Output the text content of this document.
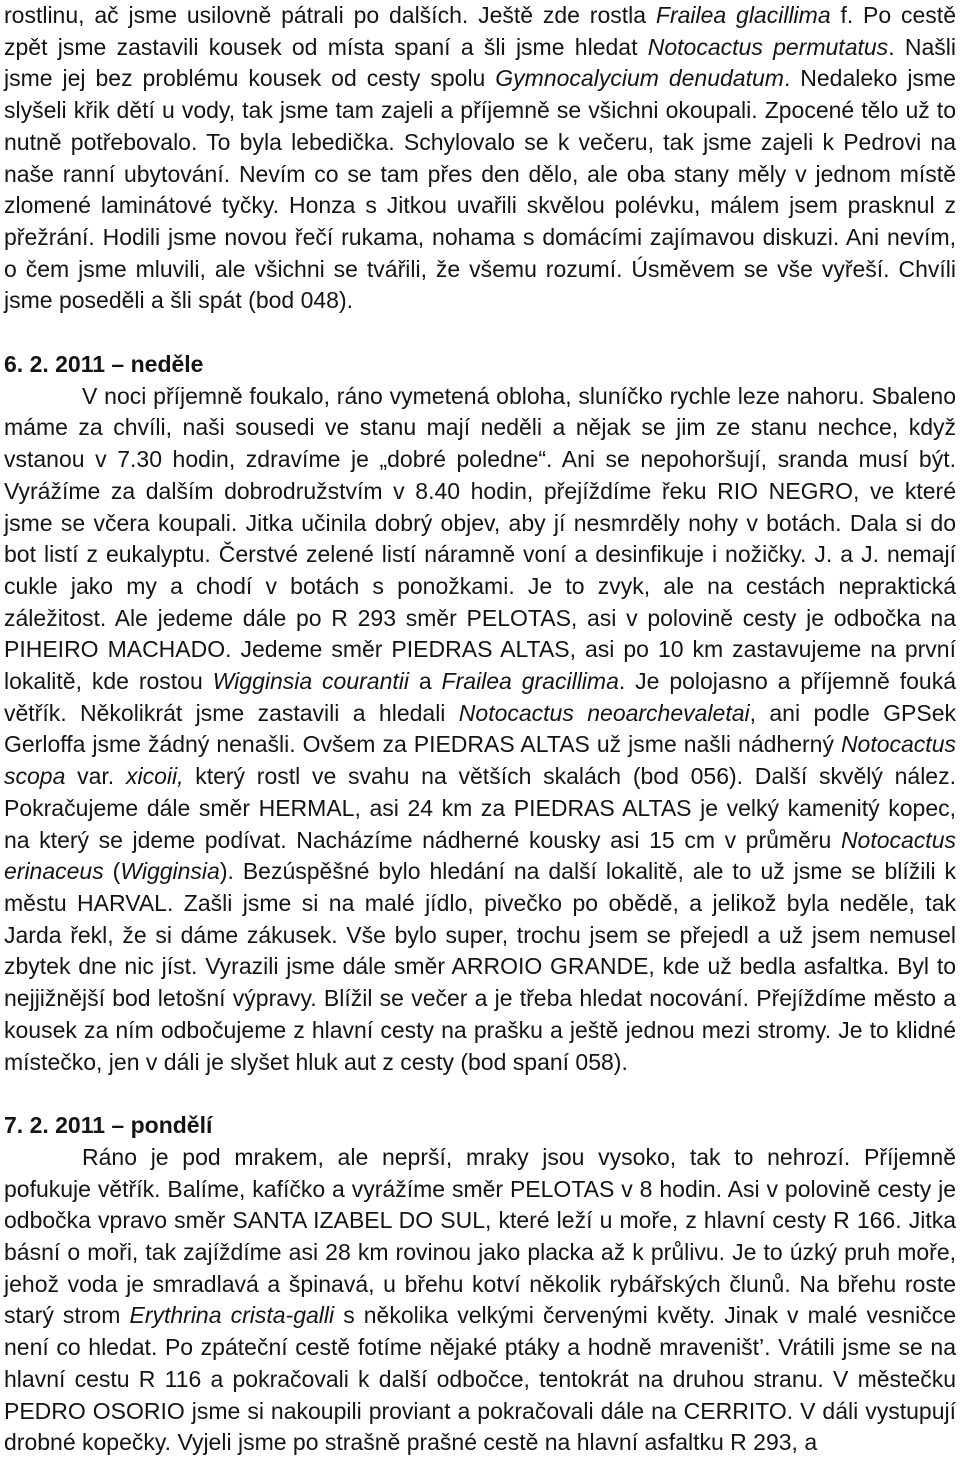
rostlinu, ač jsme usilovně pátrali po dalších. Ještě zde rostla Frailea glacillima f. Po cestě zpět jsme zastavili kousek od místa spaní a šli jsme hledat Notocactus permutatus. Našli jsme jej bez problému kousek od cesty spolu Gymnocalycium denudatum. Nedaleko jsme slyšeli křik dětí u vody, tak jsme tam zajeli a příjemně se všichni okoupali. Zpocené tělo už to nutně potřebovalo. To byla lebedička. Schylovalo se k večeru, tak jsme zajeli k Pedrovi na naše ranní ubytování. Nevím co se tam přes den dělo, ale oba stany měly v jednom místě zlomené laminátové tyčky. Honza s Jitkou uvařili skvělou polévku, málem jsem prasknul z přežrání. Hodili jsme novou řečí rukama, nohama s domácími zajímavou diskuzi. Ani nevím, o čem jsme mluvili, ale všichni se tvářili, že všemu rozumí. Úsměvem se vše vyřeší. Chvíli jsme poseděli a šli spát (bod 048).

6. 2. 2011 – neděle

V noci příjemně foukalo, ráno vymetená obloha, sluníčko rychle leze nahoru. Sbaleno máme za chvíli, naši sousedi ve stanu mají neděli a nějak se jim ze stanu nechce, když vstanou v 7.30 hodin, zdravíme je „dobré poledne“. Ani se nepohoršují, sranda musí být. Vyrážíme za dalším dobrodružstvím v 8.40 hodin, přejíždíme řeku RIO NEGRO, ve které jsme se včera koupali. Jitka učinila dobrý objev, aby jí nesmrděly nohy v botách. Dala si do bot listí z eukalyptu. Čerstvé zelené listí náramně voní a desinfikuje i nožičky. J. a J. nemají cukle jako my a chodí v botách s ponožkami. Je to zvyk, ale na cestách nepraktická záležitost. Ale jedeme dále po R 293 směr PELOTAS, asi v polovině cesty je odbočka na PIHEIRO MACHADO. Jedeme směr PIEDRAS ALTAS, asi po 10 km zastavujeme na první lokalitě, kde rostou Wigginsia courantii a Frailea gracillima. Je polojasno a příjemně fouká větřík. Několikrát jsme zastavili a hledali Notocactus neoarchevaletai, ani podle GPSek Gerloffa jsme žádný nenašli. Ovšem za PIEDRAS ALTAS už jsme našli nádherný Notocactus scopa var. xicoii, který rostl ve svahu na větších skalách (bod 056). Další skvělý nález. Pokračujeme dále směr HERMAL, asi 24 km za PIEDRAS ALTAS je velký kamenitý kopec, na který se jdeme podívat. Nacházíme nádherné kousky asi 15 cm v průměru Notocactus erinaceus (Wigginsia). Bezúspěšné bylo hledání na další lokalitě, ale to už jsme se blížili k městu HARVAL. Zašli jsme si na malé jídlo, pivečko po obědě, a jelikož byla neděle, tak Jarda řekl, že si dáme zákusek. Vše bylo super, trochu jsem se přejedl a už jsem nemusel zbytek dne nic jíst. Vyrazili jsme dále směr ARROIO GRANDE, kde už bedla asfaltka. Byl to nejjižnější bod letošní výpravy. Blížil se večer a je třeba hledat nocování. Přejíždíme město a kousek za ním odbočujeme z hlavní cesty na prašku a ještě jednou mezi stromy. Je to klidné místečko, jen v dáli je slyšet hluk aut z cesty (bod spaní 058).

7. 2. 2011 – pondělí

Ráno je pod mrakem, ale neprší, mraky jsou vysoko, tak to nehrozí. Příjemně pofukuje větřík. Balíme, kafíčko a vyrážíme směr PELOTAS v 8 hodin. Asi v polovině cesty je odbočka vpravo směr SANTA IZABEL DO SUL, které leží u moře, z hlavní cesty R 166. Jitka básní o moři, tak zajíždíme asi 28 km rovinou jako placka až k průlivu. Je to úzký pruh moře, jehož voda je smradlavá a špinavá, u břehu kotví několik rybářských člunů. Na břehu roste starý strom Erythrina crista-galli s několika velkými červenými květy. Jinak v malé vesničce není co hledat. Po zpáteční cestě fotíme nějaké ptáky a hodně mraveništ’. Vrátili jsme se na hlavní cestu R 116 a pokračovali k další odbočce, tentokrát na druhou stranu. V městečku PEDRO OSORIO jsme si nakoupili proviant a pokračovali dále na CERRITO. V dáli vystupují drobné kopečky. Vyjeli jsme po strašně prašné cestě na hlavní asfaltku R 293, a
